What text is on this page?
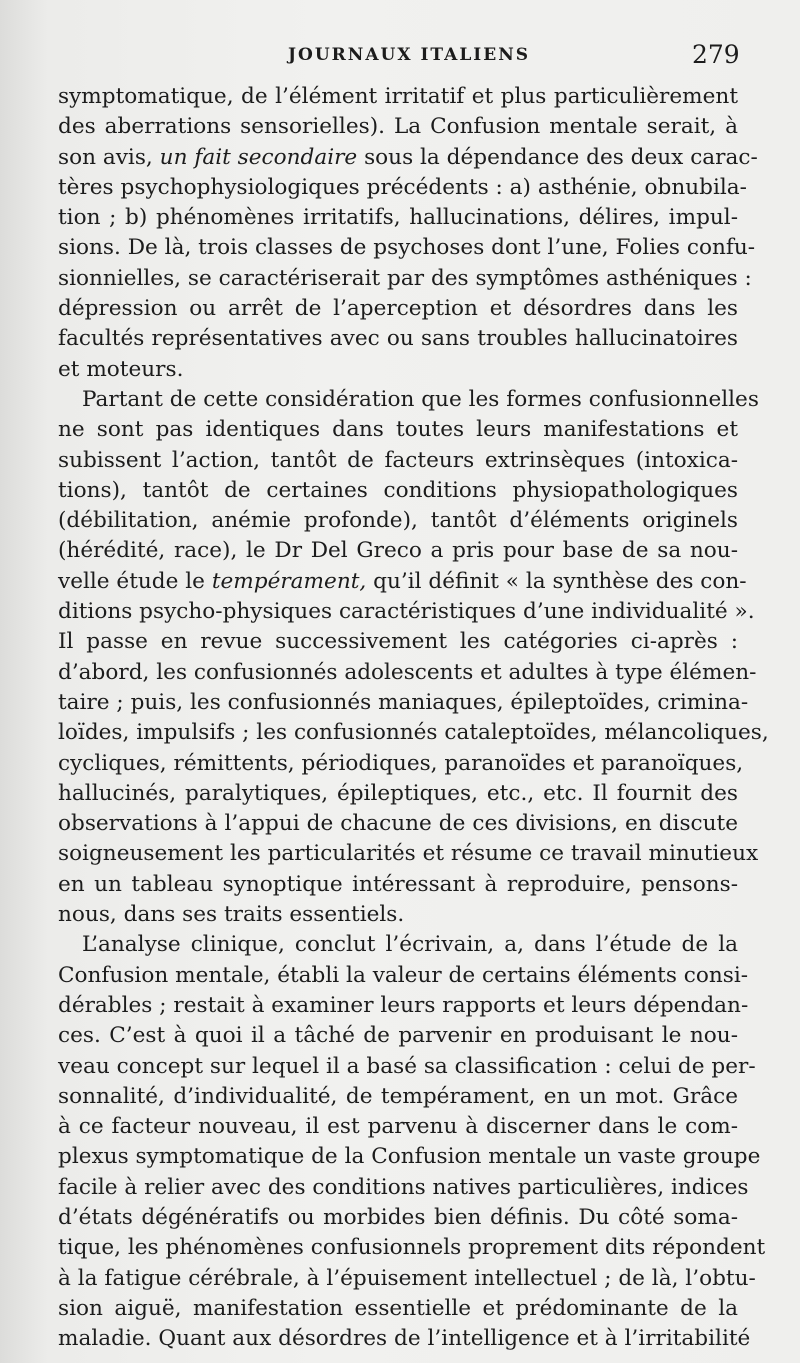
JOURNAUX ITALIENS	279
symptomatique, de l’élément irritatif et plus particulièrement
des aberrations sensorielles). La Confusion mentale serait, à
son avis, un fait secondaire sous la dépendance des deux carac-
tères psychophysiologiques précédents : a) asthénie, obnubila-
tion ; b) phénomènes irritatifs, hallucinations, délires, impul-
sions. De là, trois classes de psychoses dont l’une, Folies confu-
sionnielles, se caractériserait par des symptômes asthéniques :
dépression ou arrêt de l’aperception et désordres dans les
facultés représentatives avec ou sans troubles hallucinatoires
et moteurs.
Partant de cette considération que les formes confusionnelles
ne sont pas identiques dans toutes leurs manifestations et
subissent l’action, tantôt de facteurs extrinsèques (intoxica-
tions), tantôt de certaines conditions physiopathologiques
(débilitation, anémie profonde), tantôt d’éléments originels
(hérédité, race), le Dr Del Greco a pris pour base de sa nou-
velle étude le tempérament, qu’il définit « la synthèse des con-
ditions psycho-physiques caractéristiques d’une individualité ».
Il passe en revue successivement les catégories ci-après :
d’abord, les confusionnés adolescents et adultes à type élémen-
taire ; puis, les confusionnés maniaques, épileptoïdes, crimina-
loïdes, impulsifs ; les confusionnés cataleptoïdes, mélancoliques,
cycliques, rémittents, périodiques, paranoïdes et paranoïques,
hallucinés, paralytiques, épileptiques, etc., etc. Il fournit des
observations à l’appui de chacune de ces divisions, en discute
soigneusement les particularités et résume ce travail minutieux
en un tableau synoptique intéressant à reproduire, pensons-
nous, dans ses traits essentiels.
L’analyse clinique, conclut l’écrivain, a, dans l’étude de la
Confusion mentale, établi la valeur de certains éléments consi-
dérables ; restait à examiner leurs rapports et leurs dépendan-
ces. C’est à quoi il a tâché de parvenir en produisant le nou-
veau concept sur lequel il a basé sa classification : celui de per-
sonnalité, d’individualité, de tempérament, en un mot. Grâce
à ce facteur nouveau, il est parvenu à discerner dans le com-
plexus symptomatique de la Confusion mentale un vaste groupe
facile à relier avec des conditions natives particulières, indices
d’états dégénératifs ou morbides bien définis. Du côté soma-
tique, les phénomènes confusionnels proprement dits répondent
à la fatigue cérébrale, à l’épuisement intellectuel ; de là, l’obtu-
sion aiguë, manifestation essentielle et prédominante de la
maladie. Quant aux désordres de l’intelligence et à l’irritabilité
